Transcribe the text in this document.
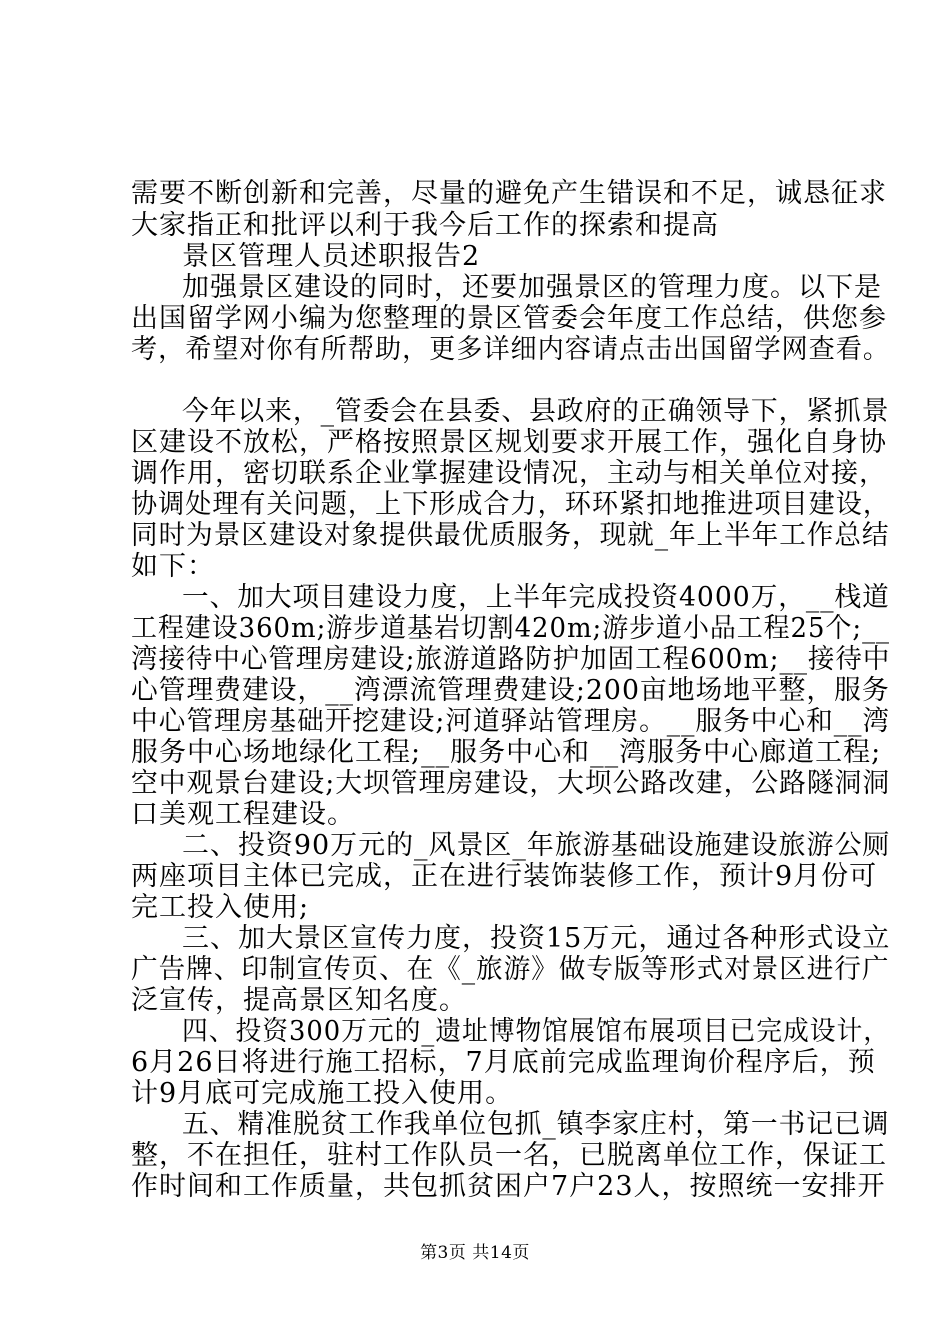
需要不断创新和完善，尽量的避免产生错误和不足，诚恳征求
大家指正和批评以利于我今后工作的探索和提高
景区管理人员述职报告2
加强景区建设的同时，还要加强景区的管理力度。以下是
出国留学网小编为您整理的景区管委会年度工作总结，供您参
考，希望对你有所帮助，更多详细内容请点击出国留学网查看。
今年以来，_管委会在县委、县政府的正确领导下，紧抓景
区建设不放松，严格按照景区规划要求开展工作，强化自身协
调作用，密切联系企业掌握建设情况，主动与相关单位对接，
协调处理有关问题，上下形成合力，环环紧扣地推进项目建设，
同时为景区建设对象提供最优质服务，现就_年上半年工作总结
如下：
一、加大项目建设力度，上半年完成投资4000万，__栈道
工程建设360m;游步道基岩切割420m;游步道小品工程25个;__
湾接待中心管理房建设;旅游道路防护加固工程600m;__接待中
心管理费建设，__湾漂流管理费建设;200亩地场地平整，服务
中心管理房基础开挖建设;河道驿站管理房。__服务中心和__湾
服务中心场地绿化工程;__服务中心和__湾服务中心廊道工程;
空中观景台建设;大坝管理房建设，大坝公路改建，公路隧洞洞
口美观工程建设。
二、投资90万元的_风景区_年旅游基础设施建设旅游公厕
两座项目主体已完成，正在进行装饰装修工作，预计9月份可
完工投入使用;
三、加大景区宣传力度，投资15万元，通过各种形式设立
广告牌、印制宣传页、在《_旅游》做专版等形式对景区进行广
泛宣传，提高景区知名度。
四、投资300万元的_遗址博物馆展馆布展项目已完成设计，
6月26日将进行施工招标，7月底前完成监理询价程序后，预
计9月底可完成施工投入使用。
五、精准脱贫工作我单位包抓_镇李家庄村，第一书记已调
整，不在担任，驻村工作队员一名，已脱离单位工作，保证工
作时间和工作质量，共包抓贫困户7户23人，按照统一安排开
第3页 共14页
